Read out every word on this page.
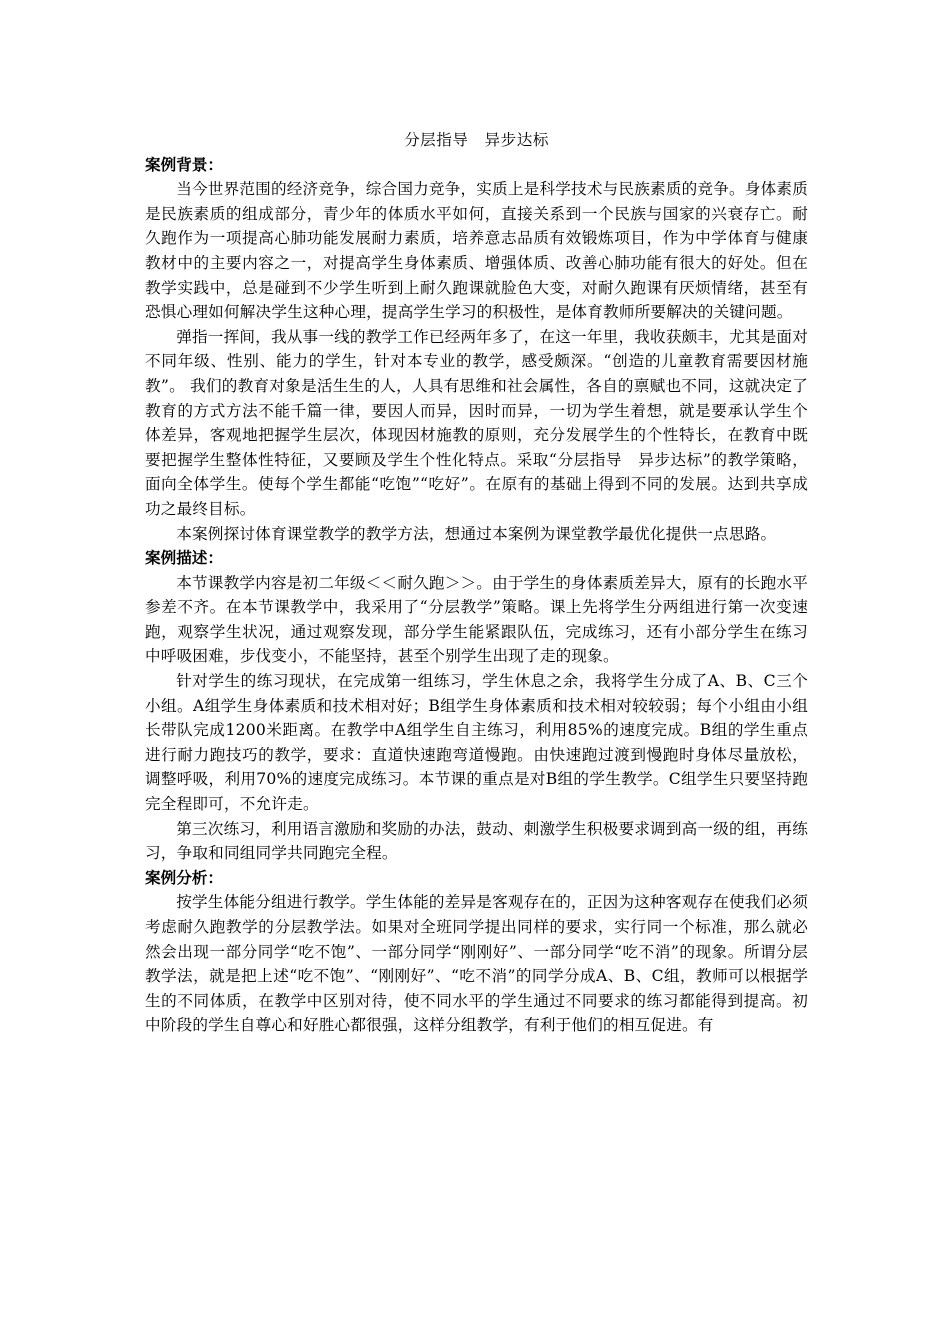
分层指导　异步达标
案例背景：

当今世界范围的经济竞争，综合国力竞争，实质上是科学技术与民族素质的竞争。身体素质是民族素质的组成部分，青少年的体质水平如何，直接关系到一个民族与国家的兴衰存亡。耐久跑作为一项提高心肺功能发展耐力素质，培养意志品质有效锻炼项目，作为中学体育与健康教材中的主要内容之一，对提高学生身体素质、增强体质、改善心肺功能有很大的好处。但在教学实践中，总是碰到不少学生听到上耐久跑课就脸色大变，对耐久跑课有厌烦情绪，甚至有恐惧心理如何解决学生这种心理，提高学生学习的积极性，是体育教师所要解决的关键问题。

弹指一挥间，我从事一线的教学工作已经两年多了，在这一年里，我收获颇丰，尤其是面对不同年级、性别、能力的学生，针对本专业的教学，感受颇深。“创造的儿童教育需要因材施教”。 我们的教育对象是活生生的人，人具有思维和社会属性，各自的禀赋也不同，这就决定了教育的方式方法不能千篇一律，要因人而异，因时而异，一切为学生着想，就是要承认学生个体差异，客观地把握学生层次，体现因材施教的原则，充分发展学生的个性特长，在教育中既要把握学生整体性特征，又要顾及学生个性化特点。采取“分层指导　异步达标”的教学策略，面向全体学生。使每个学生都能“吃饱”“吃好”。在原有的基础上得到不同的发展。达到共享成功之最终目标。

本案例探讨体育课堂教学的教学方法，想通过本案例为课堂教学最优化提供一点思路。

案例描述：

本节课教学内容是初二年级＜＜耐久跑＞＞。由于学生的身体素质差异大，原有的长跑水平参差不齐。在本节课教学中，我采用了“分层教学”策略。课上先将学生分两组进行第一次变速跑，观察学生状况，通过观察发现，部分学生能紧跟队伍，完成练习，还有小部分学生在练习中呼吸困难，步伐变小，不能坚持，甚至个别学生出现了走的现象。

针对学生的练习现状，在完成第一组练习，学生休息之余，我将学生分成了A、B、C三个小组。A组学生身体素质和技术相对好；B组学生身体素质和技术相对较较弱；每个小组由小组长带队完成1200米距离。在教学中A组学生自主练习，利用85%的速度完成。B组的学生重点进行耐力跑技巧的教学，要求：直道快速跑弯道慢跑。由快速跑过渡到慢跑时身体尽量放松，调整呼吸，利用70%的速度完成练习。本节课的重点是对B组的学生教学。C组学生只要坚持跑完全程即可，不允许走。

第三次练习，利用语言激励和奖励的办法，鼓动、刺激学生积极要求调到高一级的组，再练习，争取和同组同学共同跑完全程。

案例分析：

按学生体能分组进行教学。学生体能的差异是客观存在的，正因为这种客观存在使我们必须考虑耐久跑教学的分层教学法。如果对全班同学提出同样的要求，实行同一个标准，那么就必然会出现一部分同学“吃不饱”、一部分同学“刚刚好”、一部分同学“吃不消”的现象。所谓分层教学法，就是把上述“吃不饱”、“刚刚好”、“吃不消”的同学分成A、B、C组，教师可以根据学生的不同体质，在教学中区别对待，使不同水平的学生通过不同要求的练习都能得到提高。初中阶段的学生自尊心和好胜心都很强，这样分组教学，有利于他们的相互促进。有
